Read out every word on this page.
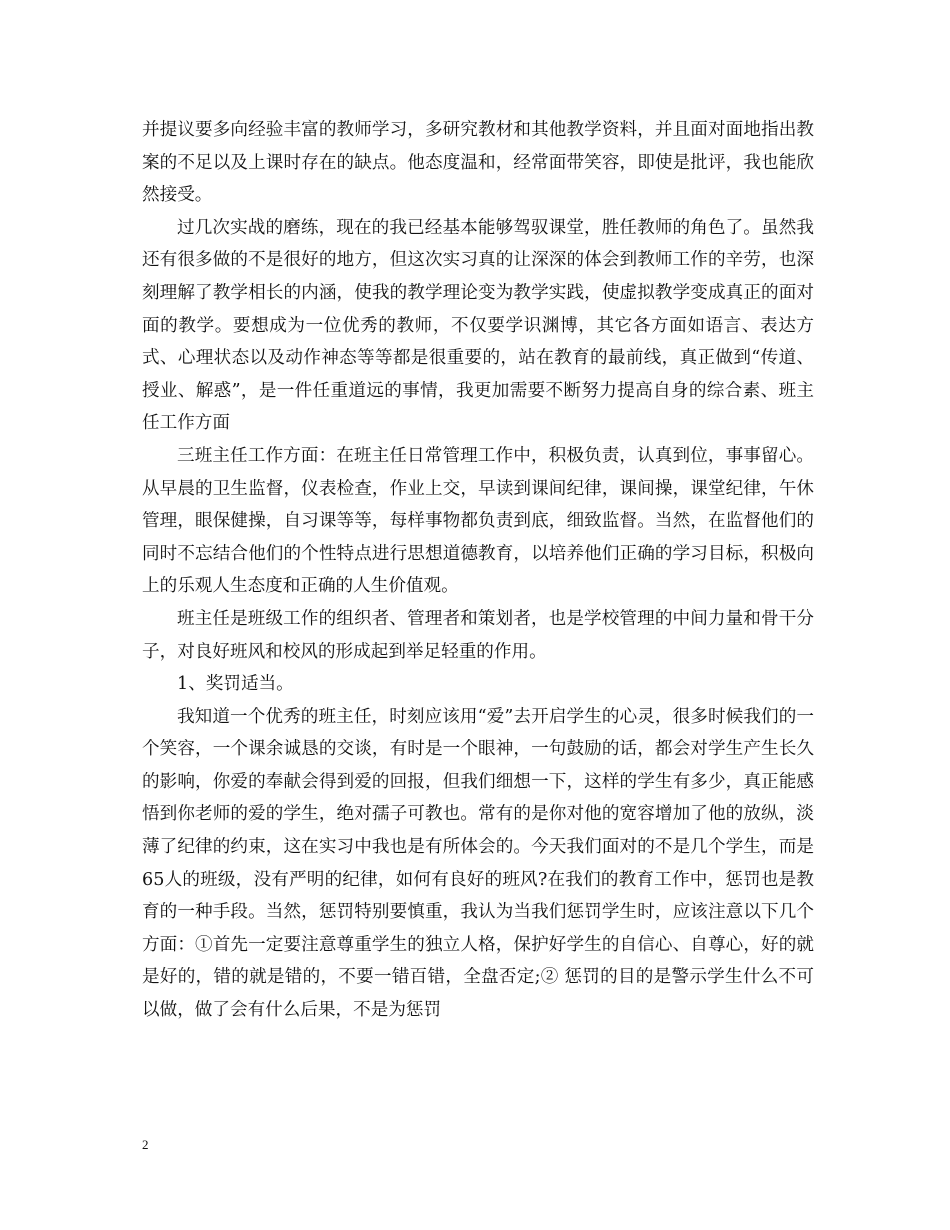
并提议要多向经验丰富的教师学习，多研究教材和其他教学资料，并且面对面地指出教案的不足以及上课时存在的缺点。他态度温和，经常面带笑容，即使是批评，我也能欣然接受。

过几次实战的磨练，现在的我已经基本能够驾驭课堂，胜任教师的角色了。虽然我还有很多做的不是很好的地方，但这次实习真的让深深的体会到教师工作的辛劳，也深刻理解了教学相长的内涵，使我的教学理论变为教学实践，使虚拟教学变成真正的面对面的教学。要想成为一位优秀的教师，不仅要学识渊博，其它各方面如语言、表达方式、心理状态以及动作神态等等都是很重要的，站在教育的最前线，真正做到“传道、授业、解惑”，是一件任重道远的事情，我更加需要不断努力提高自身的综合素、班主任工作方面

三班主任工作方面：在班主任日常管理工作中，积极负责，认真到位，事事留心。从早晨的卫生监督，仪表检查，作业上交，早读到课间纪律，课间操，课堂纪律，午休管理，眼保健操，自习课等等，每样事物都负责到底，细致监督。当然，在监督他们的同时不忘结合他们的个性特点进行思想道德教育，以培养他们正确的学习目标，积极向上的乐观人生态度和正确的人生价值观。

班主任是班级工作的组织者、管理者和策划者，也是学校管理的中间力量和骨干分子，对良好班风和校风的形成起到举足轻重的作用。

1、奖罚适当。

我知道一个优秀的班主任，时刻应该用“爱”去开启学生的心灵，很多时候我们的一个笑容，一个课余诚恳的交谈，有时是一个眼神，一句鼓励的话，都会对学生产生长久的影响，你爱的奉献会得到爱的回报，但我们细想一下，这样的学生有多少，真正能感悟到你老师的爱的学生，绝对孺子可教也。常有的是你对他的宽容增加了他的放纵，淡薄了纪律的约束，这在实习中我也是有所体会的。今天我们面对的不是几个学生，而是65人的班级，没有严明的纪律，如何有良好的班风?在我们的教育工作中，惩罚也是教育的一种手段。当然，惩罚特别要慎重，我认为当我们惩罚学生时，应该注意以下几个方面：①首先一定要注意尊重学生的独立人格，保护好学生的自信心、自尊心，好的就是好的，错的就是错的，不要一错百错，全盘否定;② 惩罚的目的是警示学生什么不可以做，做了会有什么后果，不是为惩罚

2
